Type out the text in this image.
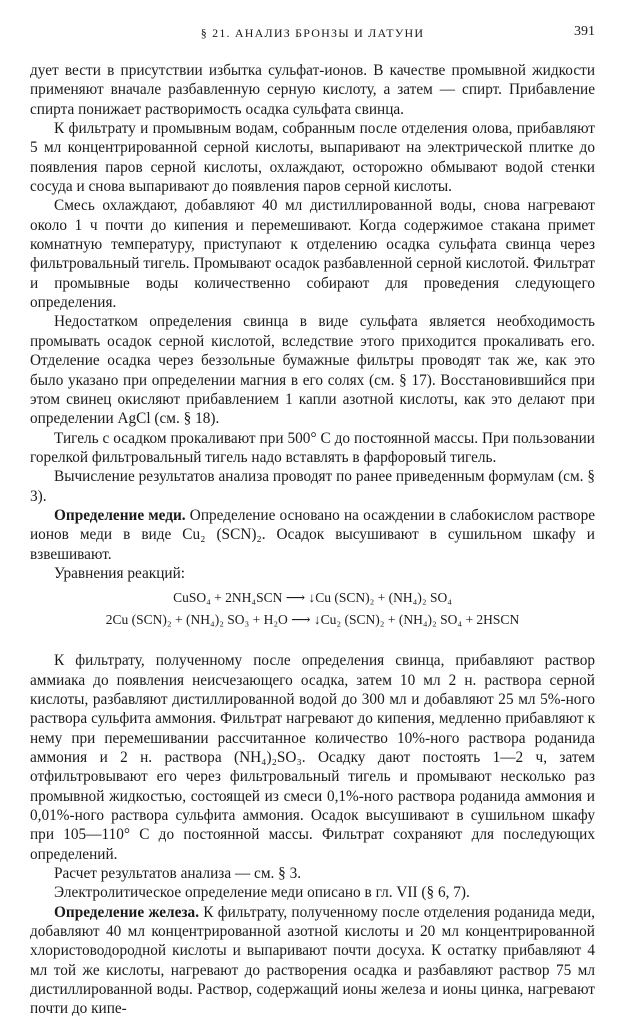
§ 21. АНАЛИЗ БРОНЗЫ И ЛАТУНИ	391

дует вести в присутствии избытка сульфат-ионов. В качестве промывной жидкости применяют вначале разбавленную серную кислоту, а затем — спирт. Прибавление спирта понижает растворимость осадка сульфата свинца.

К фильтрату и промывным водам, собранным после отделения олова, прибавляют 5 мл концентрированной серной кислоты, выпаривают на электрической плитке до появления паров серной кислоты, охлаждают, осторожно обмывают водой стенки сосуда и снова выпаривают до появления паров серной кислоты.

Смесь охлаждают, добавляют 40 мл дистиллированной воды, снова нагревают около 1 ч почти до кипения и перемешивают. Когда содержимое стакана примет комнатную температуру, приступают к отделению осадка сульфата свинца через фильтровальный тигель. Промывают осадок разбавленной серной кислотой. Фильтрат и промывные воды количественно собирают для проведения следующего определения.

Недостатком определения свинца в виде сульфата является необходимость промывать осадок серной кислотой, вследствие этого приходится прокаливать его. Отделение осадка через беззольные бумажные фильтры проводят так же, как это было указано при определении магния в его солях (см. § 17). Восстановившийся при этом свинец окисляют прибавлением 1 капли азотной кислоты, как это делают при определении AgCl (см. § 18).

Тигель с осадком прокаливают при 500° C до постоянной массы. При пользовании горелкой фильтровальный тигель надо вставлять в фарфоровый тигель.

Вычисление результатов анализа проводят по ранее приведенным формулам (см. § 3).

Определение меди. Определение основано на осаждении в слабокислом растворе ионов меди в виде Cu₂ (SCN)₂. Осадок высушивают в сушильном шкафу и взвешивают.

Уравнения реакций:

CuSO₄ + 2NH₄SCN ⟶ ↓Cu (SCN)₂ + (NH₄)₂ SO₄
2Cu (SCN)₂ + (NH₄)₂ SO₃ + H₂O ⟶ ↓Cu₂ (SCN)₂ + (NH₄)₂ SO₄ + 2HSCN

К фильтрату, полученному после определения свинца, прибавляют раствор аммиака до появления неисчезающего осадка, затем 10 мл 2 н. раствора серной кислоты, разбавляют дистиллированной водой до 300 мл и добавляют 25 мл 5%-ного раствора сульфита аммония. Фильтрат нагревают до кипения, медленно прибавляют к нему при перемешивании рассчитанное количество 10%-ного раствора роданида аммония и 2 н. раствора (NH₄)₂SO₃. Осадку дают постоять 1—2 ч, затем отфильтровывают его через фильтровальный тигель и промывают несколько раз промывной жидкостью, состоящей из смеси 0,1%-ного раствора роданида аммония и 0,01%-ного раствора сульфита аммония. Осадок высушивают в сушильном шкафу при 105—110° C до постоянной массы. Фильтрат сохраняют для последующих определений.

Расчет результатов анализа — см. § 3.

Электролитическое определение меди описано в гл. VII (§ 6, 7).

Определение железа. К фильтрату, полученному после отделения роданида меди, добавляют 40 мл концентрированной азотной кислоты и 20 мл концентрированной хлористоводородной кислоты и выпаривают почти досуха. К остатку прибавляют 4 мл той же кислоты, нагревают до растворения осадка и разбавляют раствор 75 мл дистиллированной воды. Раствор, содержащий ионы железа и ионы цинка, нагревают почти до кипе-
